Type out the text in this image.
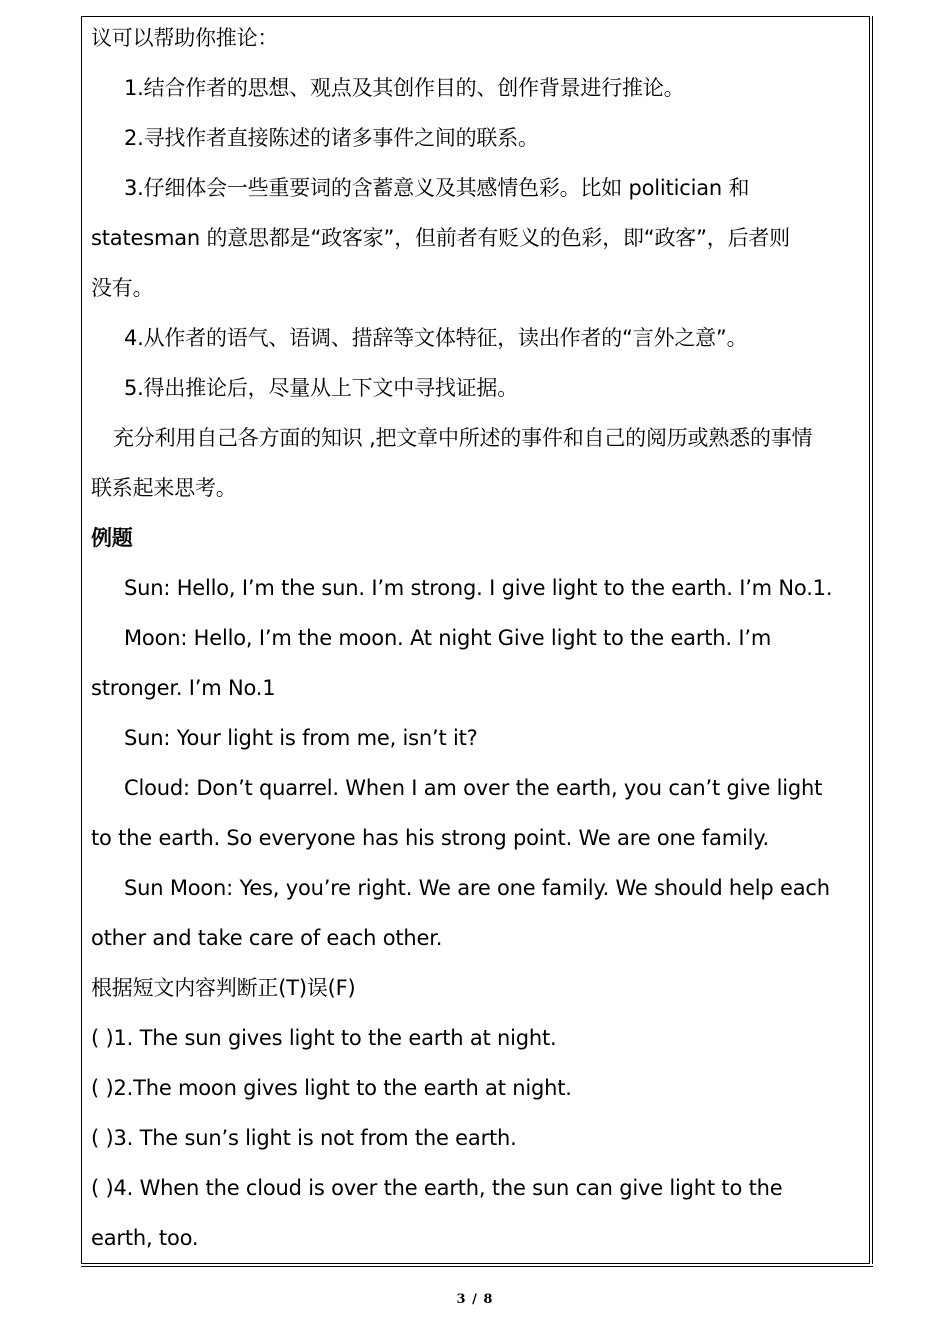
议可以帮助你推论：
1.结合作者的思想、观点及其创作目的、创作背景进行推论。
2.寻找作者直接陈述的诸多事件之间的联系。
3.仔细体会一些重要词的含蓄意义及其感情色彩。比如 politician 和
statesman 的意思都是“政客家”，但前者有贬义的色彩，即“政客”，后者则
没有。
4.从作者的语气、语调、措辞等文体特征，读出作者的“言外之意”。
5.得出推论后，尽量从上下文中寻找证据。
充分利用自己各方面的知识 ,把文章中所述的事件和自己的阅历或熟悉的事情
联系起来思考。
例题
Sun: Hello, I’m the sun. I’m strong. I give light to the earth. I’m No.1.
Moon: Hello, I’m the moon. At night Give light to the earth. I’m
stronger. I’m No.1
Sun: Your light is from me, isn’t it?
Cloud: Don’t quarrel. When I am over the earth, you can’t give light
to the earth. So everyone has his strong point. We are one family.
Sun Moon: Yes, you’re right. We are one family. We should help each
other and take care of each other.
根据短文内容判断正(T)误(F)
( )1. The sun gives light to the earth at night.
( )2.The moon gives light to the earth at night.
( )3. The sun’s light is not from the earth.
( )4. When the cloud is over the earth, the sun can give light to the
earth, too.
3 / 8
